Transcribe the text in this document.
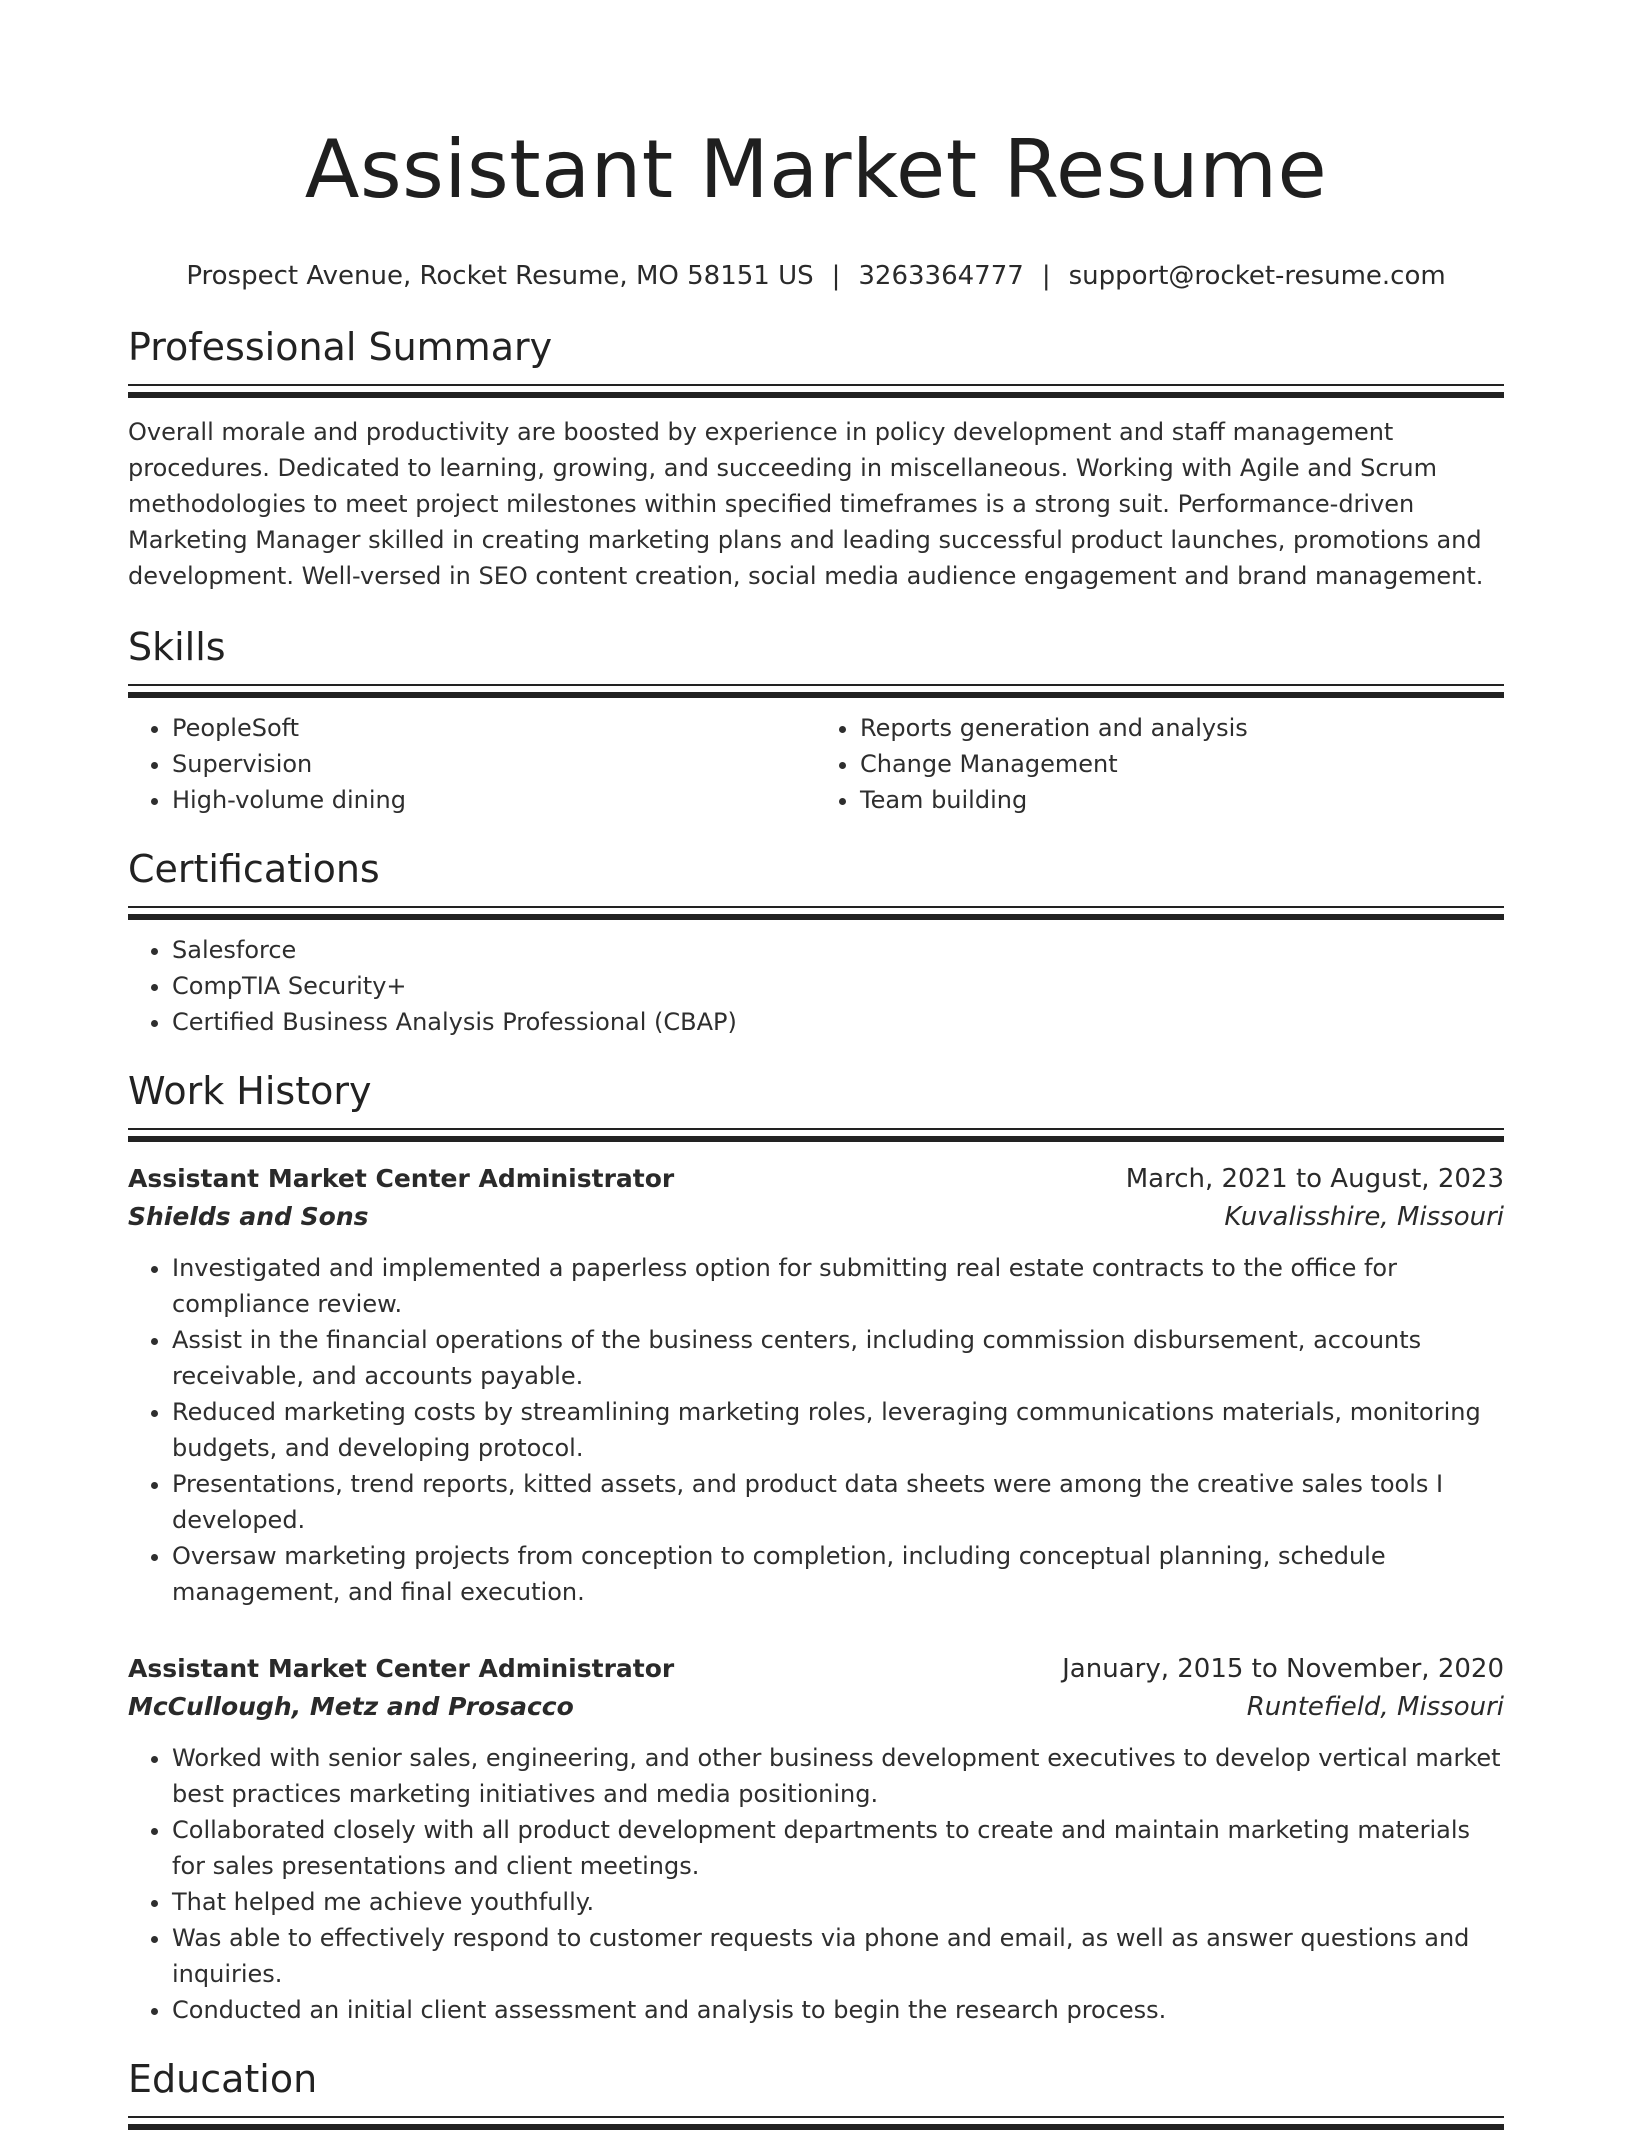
Assistant Market Resume
Prospect Avenue, Rocket Resume, MO 58151 US | 3263364777 | support@rocket-resume.com
Professional Summary
Overall morale and productivity are boosted by experience in policy development and staff management procedures. Dedicated to learning, growing, and succeeding in miscellaneous. Working with Agile and Scrum methodologies to meet project milestones within specified timeframes is a strong suit. Performance-driven Marketing Manager skilled in creating marketing plans and leading successful product launches, promotions and development. Well-versed in SEO content creation, social media audience engagement and brand management.
Skills
• PeopleSoft
• Supervision
• High-volume dining
• Reports generation and analysis
• Change Management
• Team building
Certifications
• Salesforce
• CompTIA Security+
• Certified Business Analysis Professional (CBAP)
Work History
Assistant Market Center Administrator	March, 2021 to August, 2023
Shields and Sons	Kuvalisshire, Missouri
• Investigated and implemented a paperless option for submitting real estate contracts to the office for compliance review.
• Assist in the financial operations of the business centers, including commission disbursement, accounts receivable, and accounts payable.
• Reduced marketing costs by streamlining marketing roles, leveraging communications materials, monitoring budgets, and developing protocol.
• Presentations, trend reports, kitted assets, and product data sheets were among the creative sales tools I developed.
• Oversaw marketing projects from conception to completion, including conceptual planning, schedule management, and final execution.
Assistant Market Center Administrator	January, 2015 to November, 2020
McCullough, Metz and Prosacco	Runtefield, Missouri
• Worked with senior sales, engineering, and other business development executives to develop vertical market best practices marketing initiatives and media positioning.
• Collaborated closely with all product development departments to create and maintain marketing materials for sales presentations and client meetings.
• That helped me achieve youthfully.
• Was able to effectively respond to customer requests via phone and email, as well as answer questions and inquiries.
• Conducted an initial client assessment and analysis to begin the research process.
Education
